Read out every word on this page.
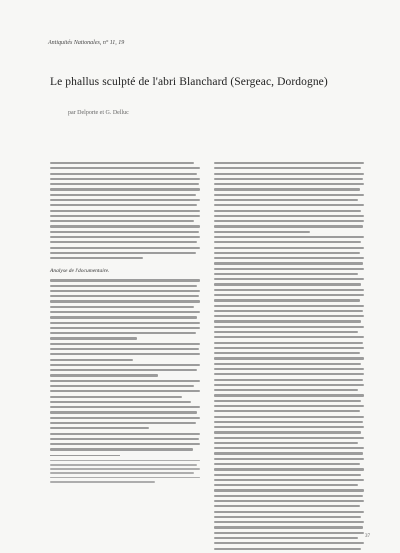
Antiquités Nationales, n° 11, 19
Le phallus sculpté de l'abri Blanchard (Sergeac, Dordogne)
par Delporte et G. Delluc
Analyse de l'documentaire.
37
